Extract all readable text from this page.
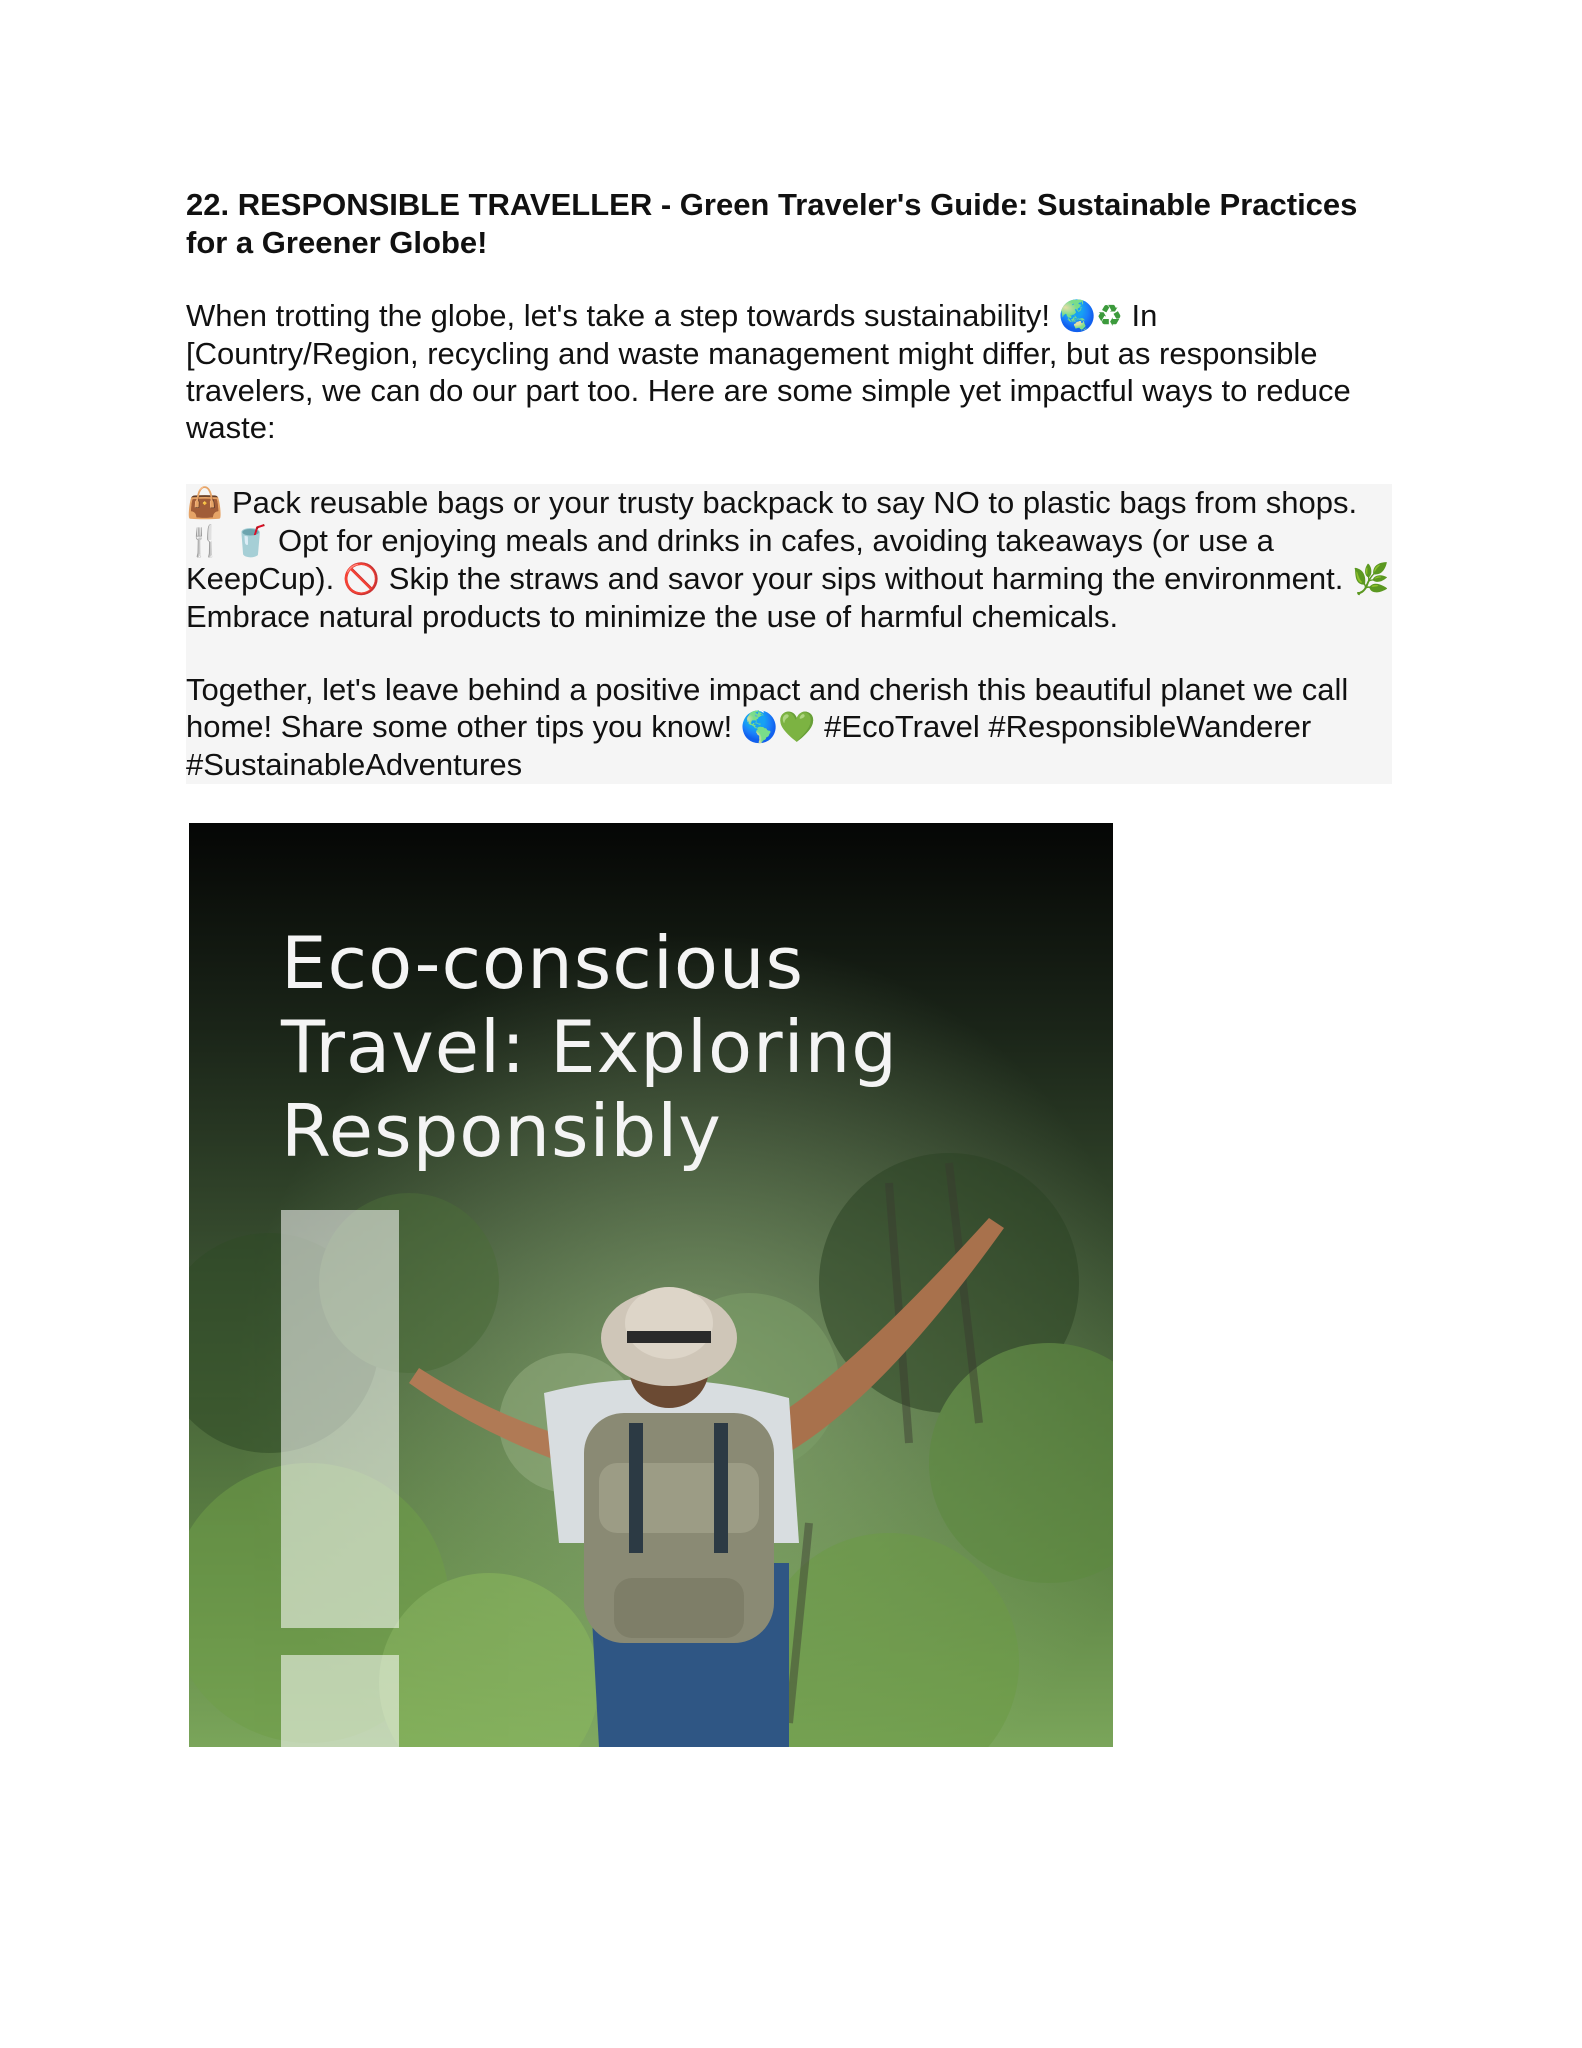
22. RESPONSIBLE TRAVELLER - Green Traveler's Guide: Sustainable Practices for a Greener Globe!

When trotting the globe, let's take a step towards sustainability! 🌏♻ In [Country/Region, recycling and waste management might differ, but as responsible travelers, we can do our part too. Here are some simple yet impactful ways to reduce waste:

👜 Pack reusable bags or your trusty backpack to say NO to plastic bags from shops. 🍴 🥤 Opt for enjoying meals and drinks in cafes, avoiding takeaways (or use a KeepCup). 🚫 Skip the straws and savor your sips without harming the environment. 🌿 Embrace natural products to minimize the use of harmful chemicals.

Together, let's leave behind a positive impact and cherish this beautiful planet we call home! Share some other tips you know! 🌎💚 #EcoTravel #ResponsibleWanderer #SustainableAdventures

Eco-conscious
Travel: Exploring
Responsibly
